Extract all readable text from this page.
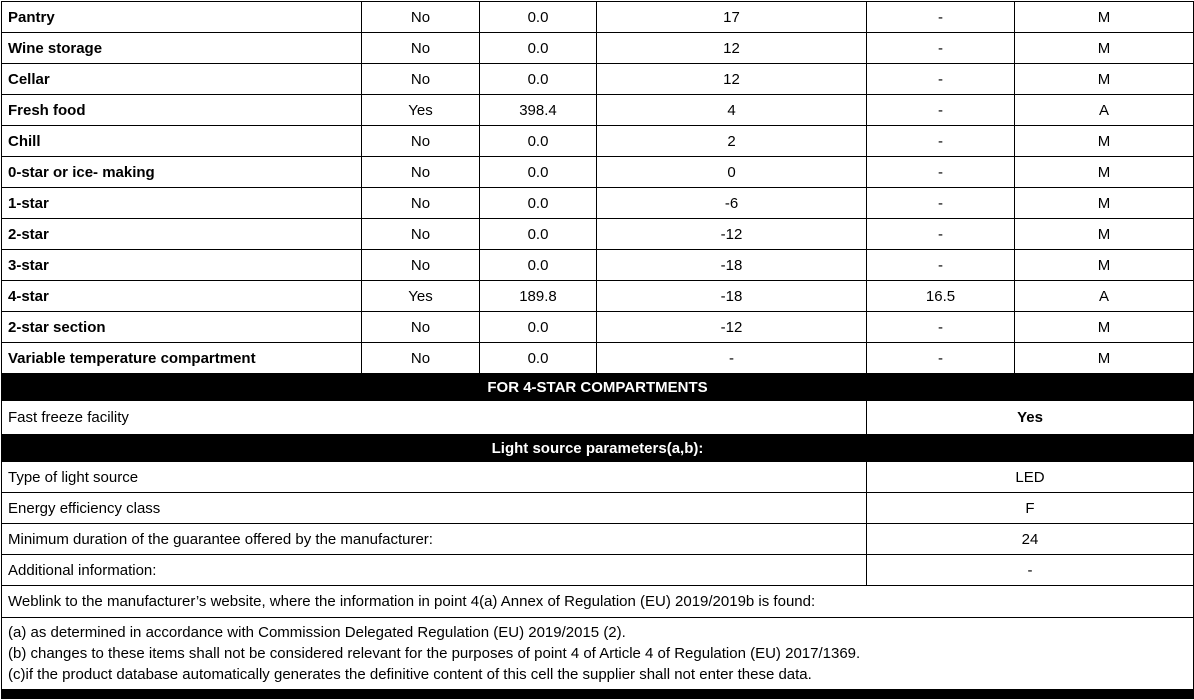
Pantry	No	0.0	17	-	M
Wine storage	No	0.0	12	-	M
Cellar	No	0.0	12	-	M
Fresh food	Yes	398.4	4	-	A
Chill	No	0.0	2	-	M
0-star or ice- making	No	0.0	0	-	M
1-star	No	0.0	-6	-	M
2-star	No	0.0	-12	-	M
3-star	No	0.0	-18	-	M
4-star	Yes	189.8	-18	16.5	A
2-star section	No	0.0	-12	-	M
Variable temperature compartment	No	0.0	-	-	M
FOR 4-STAR COMPARTMENTS					
Fast freeze facility				Yes	
Light source parameters(a,b):					
Type of light source				LED	
Energy efficiency class				F	
Minimum duration of the guarantee offered by the manufacturer:				24	
Additional information:				-	
Weblink to the manufacturer’s website, where the information in point 4(a) Annex of Regulation (EU) 2019/2019b is found:					

(a) as determined in accordance with Commission Delegated Regulation (EU) 2019/2015 (2).
(b) changes to these items shall not be considered relevant for the purposes of point 4 of Article 4 of Regulation (EU) 2017/1369.
(c)if the product database automatically generates the definitive content of this cell the supplier shall not enter these data.					
